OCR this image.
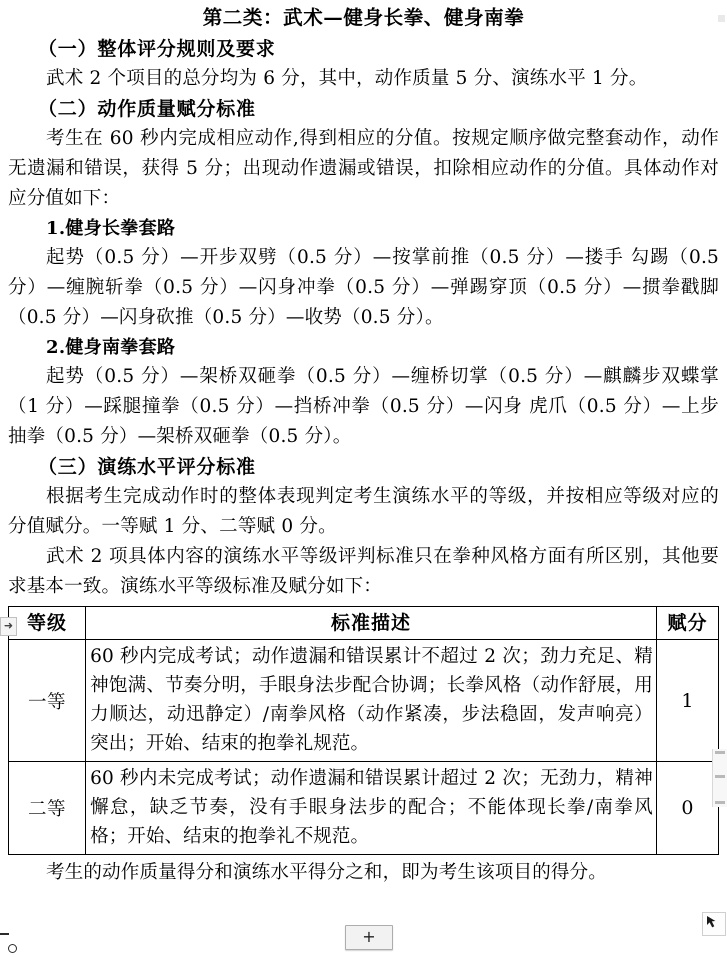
第二类：武术—健身长拳、健身南拳
（一）整体评分规则及要求

武术 2 个项目的总分均为 6 分，其中，动作质量 5 分、演练水平 1 分。

（二）动作质量赋分标准

考生在 60 秒内完成相应动作,得到相应的分值。按规定顺序做完整套动作，动作无遗漏和错误，获得 5 分；出现动作遗漏或错误，扣除相应动作的分值。具体动作对应分值如下：

1.健身长拳套路

起势（0.5 分）—开步双劈（0.5 分）—按掌前推（0.5 分）—搂手 勾踢（0.5 分）—缠腕斩拳（0.5 分）—闪身冲拳（0.5 分）—弹踢穿顶（0.5 分）—掼拳戳脚（0.5 分）—闪身砍推（0.5 分）—收势（0.5 分）。

2.健身南拳套路

起势（0.5 分）—架桥双砸拳（0.5 分）—缠桥切掌（0.5 分）—麒麟步双蝶掌（1 分）—踩腿撞拳（0.5 分）—挡桥冲拳（0.5 分）—闪身 虎爪（0.5 分）—上步抽拳（0.5 分）—架桥双砸拳（0.5 分）。

（三）演练水平评分标准

根据考生完成动作时的整体表现判定考生演练水平的等级，并按相应等级对应的分值赋分。一等赋 1 分、二等赋 0 分。

武术 2 项具体内容的演练水平等级评判标准只在拳种风格方面有所区别，其他要求基本一致。演练水平等级标准及赋分如下：

等级	标准描述	赋分
一等	60 秒内完成考试；动作遗漏和错误累计不超过 2 次；劲力充足、精神饱满、节奏分明，手眼身法步配合协调；长拳风格（动作舒展，用力顺达，动迅静定）/南拳风格（动作紧凑，步法稳固，发声响亮）突出；开始、结束的抱拳礼规范。	1
二等	60 秒内未完成考试；动作遗漏和错误累计超过 2 次；无劲力，精神懈怠，缺乏节奏，没有手眼身法步的配合；不能体现长拳/南拳风格；开始、结束的抱拳礼不规范。	0

考生的动作质量得分和演练水平得分之和，即为考生该项目的得分。

+
➜
